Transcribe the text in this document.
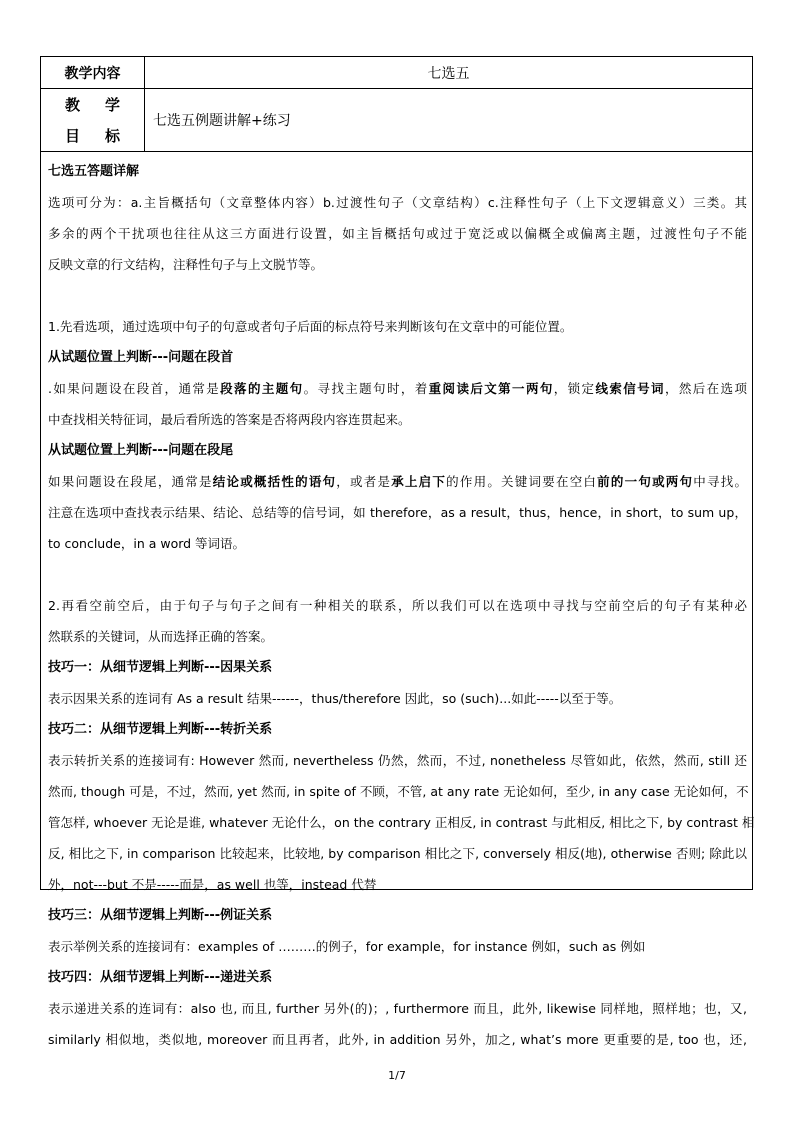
教学内容	七选五
教 学
目 标
七选五例题讲解+练习
七选五答题详解
选项可分为：a.主旨概括句（文章整体内容）b.过渡性句子（文章结构）c.注释性句子（上下文逻辑意义）三类。其
多余的两个干扰项也往往从这三方面进行设置，如主旨概括句或过于宽泛或以偏概全或偏离主题，过渡性句子不能
反映文章的行文结构，注释性句子与上文脱节等。
1.先看选项，通过选项中句子的句意或者句子后面的标点符号来判断该句在文章中的可能位置。
从试题位置上判断---问题在段首
.如果问题设在段首，通常是段落的主题句。寻找主题句时，着重阅读后文第一两句，锁定线索信号词，然后在选项
中查找相关特征词，最后看所选的答案是否将两段内容连贯起来。
从试题位置上判断---问题在段尾
如果问题设在段尾，通常是结论或概括性的语句，或者是承上启下的作用。关键词要在空白前的一句或两句中寻找。
注意在选项中查找表示结果、结论、总结等的信号词，如 therefore，as a result，thus，hence，in short，to sum up，
to conclude，in a word 等词语。
2.再看空前空后，由于句子与句子之间有一种相关的联系，所以我们可以在选项中寻找与空前空后的句子有某种必
然联系的关键词，从而选择正确的答案。
技巧一：从细节逻辑上判断---因果关系
表示因果关系的连词有 As a result 结果------，thus/therefore 因此，so (such)...如此-----以至于等。
技巧二：从细节逻辑上判断---转折关系
表示转折关系的连接词有: However 然而, nevertheless 仍然，然而，不过, nonetheless 尽管如此，依然，然而, still 还
然而, though 可是，不过，然而, yet 然而, in spite of 不顾，不管, at any rate 无论如何，至少, in any case 无论如何，不
管怎样, whoever 无论是谁, whatever 无论什么，on the contrary 正相反, in contrast 与此相反, 相比之下, by contrast 相
反, 相比之下, in comparison 比较起来，比较地, by comparison 相比之下, conversely 相反(地), otherwise 否则; 除此以
外，not---but 不是-----而是，as well 也等，instead 代替
技巧三：从细节逻辑上判断---例证关系
表示举例关系的连接词有：examples of ………的例子，for example，for instance 例如，such as 例如
技巧四：从细节逻辑上判断---递进关系
表示递进关系的连词有：also 也, 而且, further 另外(的)；, furthermore 而且，此外, likewise 同样地，照样地；也，又,
similarly 相似地，类似地, moreover 而且再者，此外, in addition 另外，加之, what’s more 更重要的是, too 也，还,
1/7
